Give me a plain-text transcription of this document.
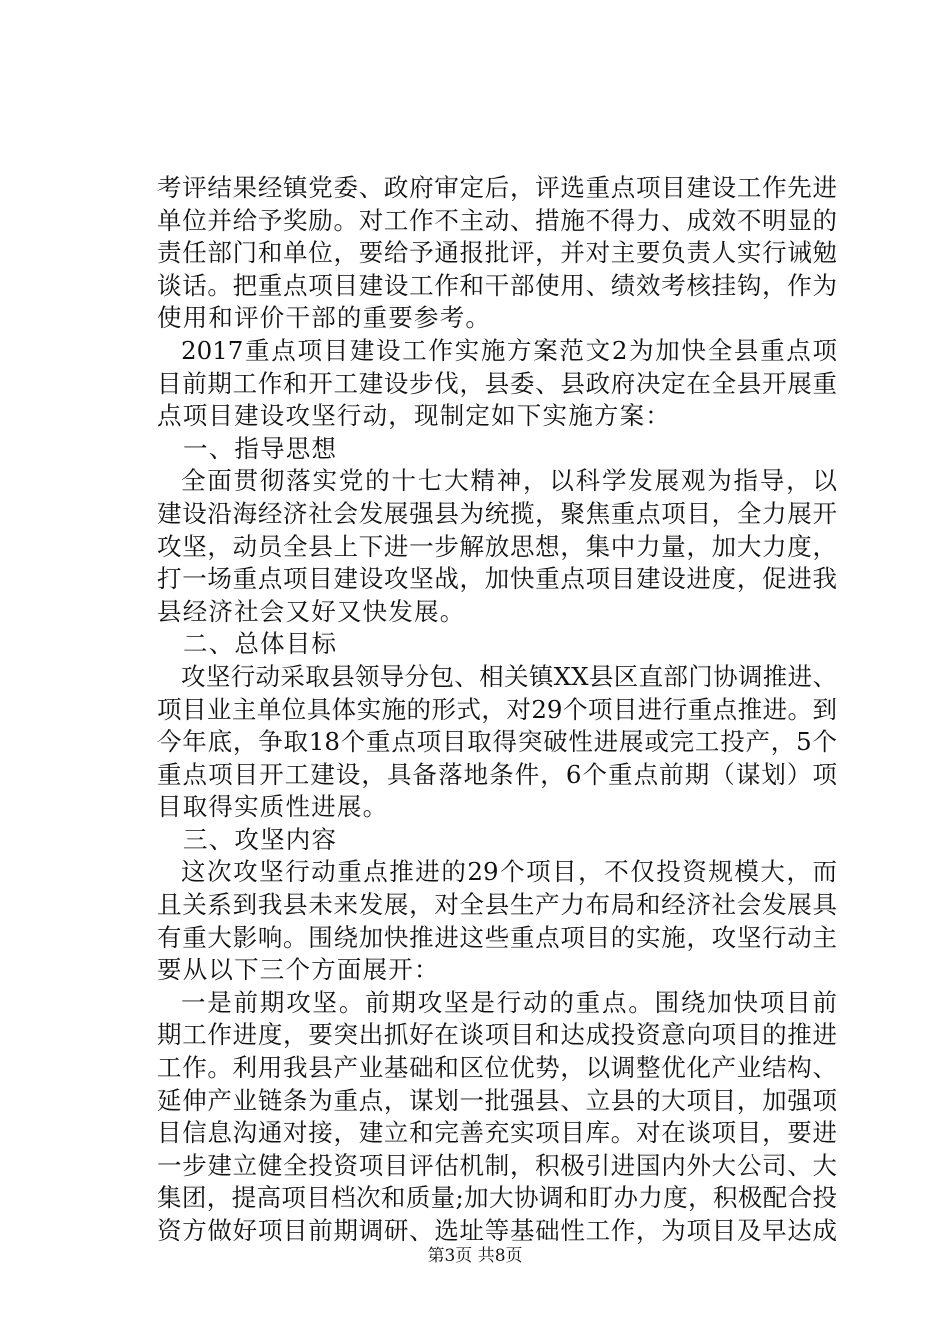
考评结果经镇党委、政府审定后，评选重点项目建设工作先进
单位并给予奖励。对工作不主动、措施不得力、成效不明显的
责任部门和单位，要给予通报批评，并对主要负责人实行诫勉
谈话。把重点项目建设工作和干部使用、绩效考核挂钩，作为
使用和评价干部的重要参考。
2017重点项目建设工作实施方案范文2为加快全县重点项
目前期工作和开工建设步伐，县委、县政府决定在全县开展重
点项目建设攻坚行动，现制定如下实施方案：
一、指导思想
全面贯彻落实党的十七大精神，以科学发展观为指导，以
建设沿海经济社会发展强县为统揽，聚焦重点项目，全力展开
攻坚，动员全县上下进一步解放思想，集中力量，加大力度，
打一场重点项目建设攻坚战，加快重点项目建设进度，促进我
县经济社会又好又快发展。
二、总体目标
攻坚行动采取县领导分包、相关镇XX县区直部门协调推进、
项目业主单位具体实施的形式，对29个项目进行重点推进。到
今年底，争取18个重点项目取得突破性进展或完工投产，5个
重点项目开工建设，具备落地条件，6个重点前期（谋划）项
目取得实质性进展。
三、攻坚内容
这次攻坚行动重点推进的29个项目，不仅投资规模大，而
且关系到我县未来发展，对全县生产力布局和经济社会发展具
有重大影响。围绕加快推进这些重点项目的实施，攻坚行动主
要从以下三个方面展开：
一是前期攻坚。前期攻坚是行动的重点。围绕加快项目前
期工作进度，要突出抓好在谈项目和达成投资意向项目的推进
工作。利用我县产业基础和区位优势，以调整优化产业结构、
延伸产业链条为重点，谋划一批强县、立县的大项目，加强项
目信息沟通对接，建立和完善充实项目库。对在谈项目，要进
一步建立健全投资项目评估机制，积极引进国内外大公司、大
集团，提高项目档次和质量;加大协调和盯办力度，积极配合投
资方做好项目前期调研、选址等基础性工作，为项目及早达成
第3页 共8页
